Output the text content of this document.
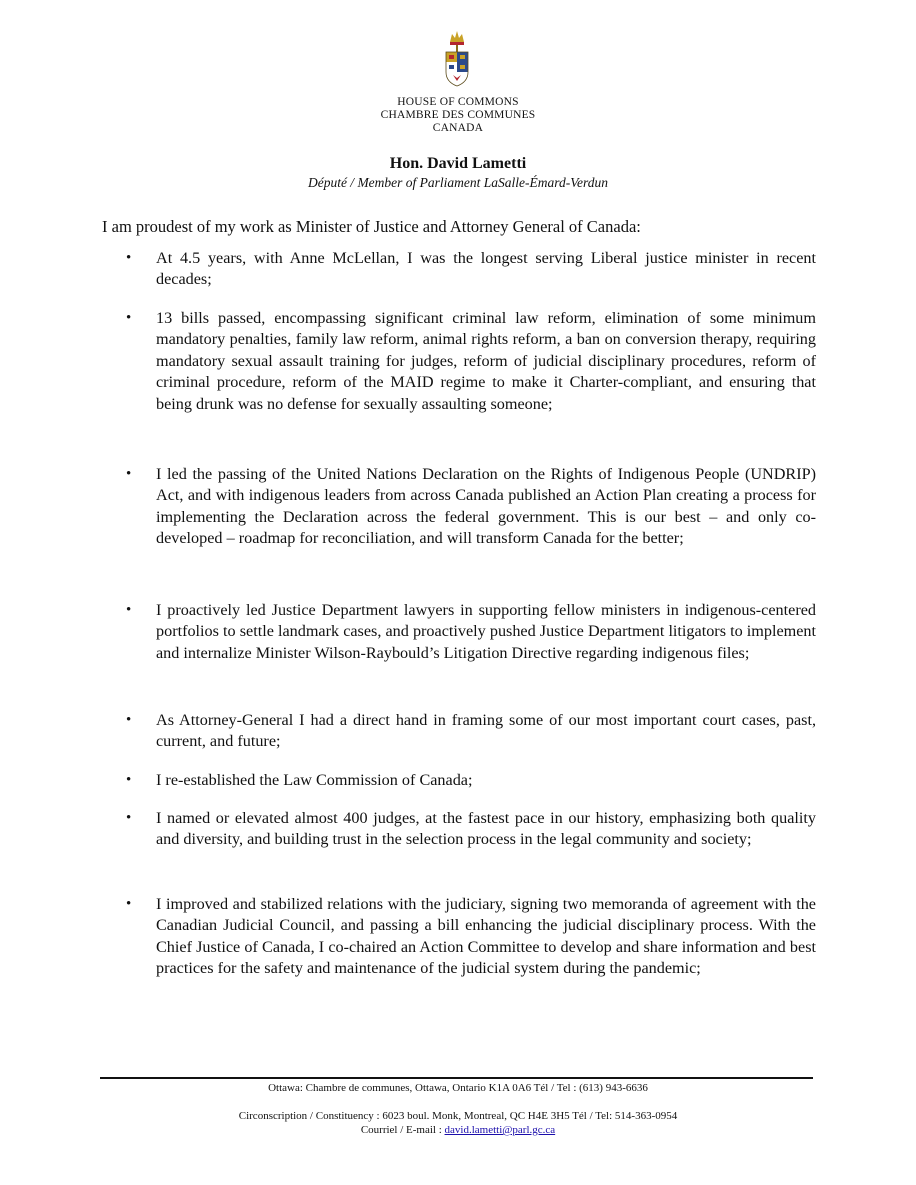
HOUSE OF COMMONS
CHAMBRE DES COMMUNES
CANADA
Hon. David Lametti
Député / Member of Parliament LaSalle-Émard-Verdun
I am proudest of my work as Minister of Justice and Attorney General of Canada:
•	At 4.5 years, with Anne McLellan, I was the longest serving Liberal justice minister in recent decades;
•	13 bills passed, encompassing significant criminal law reform, elimination of some minimum mandatory penalties, family law reform, animal rights reform, a ban on conversion therapy, requiring mandatory sexual assault training for judges, reform of judicial disciplinary procedures, reform of criminal procedure, reform of the MAID regime to make it Charter-compliant, and ensuring that being drunk was no defense for sexually assaulting someone;
•	I led the passing of the United Nations Declaration on the Rights of Indigenous People (UNDRIP) Act, and with indigenous leaders from across Canada published an Action Plan creating a process for implementing the Declaration across the federal government. This is our best – and only co-developed – roadmap for reconciliation, and will transform Canada for the better;
•	I proactively led Justice Department lawyers in supporting fellow ministers in indigenous-centered portfolios to settle landmark cases, and proactively pushed Justice Department litigators to implement and internalize Minister Wilson-Raybould’s Litigation Directive regarding indigenous files;
•	As Attorney-General I had a direct hand in framing some of our most important court cases, past, current, and future;
•	I re-established the Law Commission of Canada;
•	I named or elevated almost 400 judges, at the fastest pace in our history, emphasizing both quality and diversity, and building trust in the selection process in the legal community and society;
•	I improved and stabilized relations with the judiciary, signing two memoranda of agreement with the Canadian Judicial Council, and passing a bill enhancing the judicial disciplinary process. With the Chief Justice of Canada, I co-chaired an Action Committee to develop and share information and best practices for the safety and maintenance of the judicial system during the pandemic;
Ottawa: Chambre de communes, Ottawa, Ontario K1A 0A6 Tél / Tel : (613) 943-6636
Circonscription / Constituency : 6023 boul. Monk, Montreal, QC H4E 3H5 Tél / Tel: 514-363-0954
Courriel / E-mail : david.lametti@parl.gc.ca
